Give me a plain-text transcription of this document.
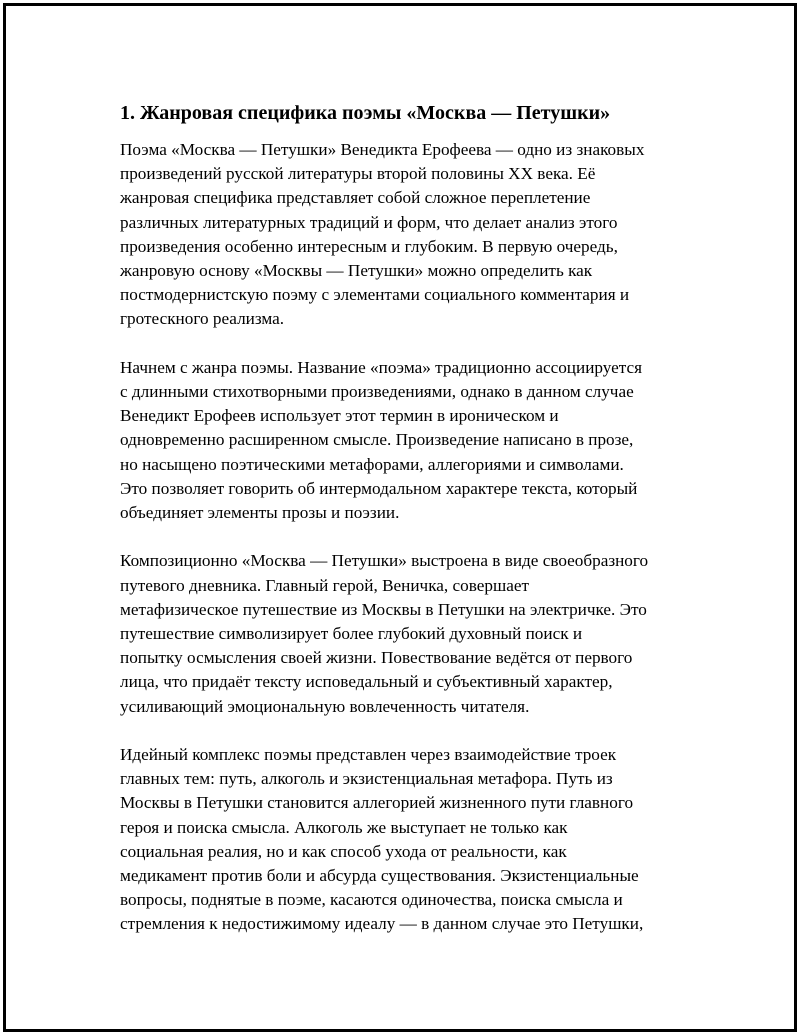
1. Жанровая специфика поэмы «Москва — Петушки»
Поэма «Москва — Петушки» Венедикта Ерофеева — одно из знаковых
произведений русской литературы второй половины XX века. Её
жанровая специфика представляет собой сложное переплетение
различных литературных традиций и форм, что делает анализ этого
произведения особенно интересным и глубоким. В первую очередь,
жанровую основу «Москвы — Петушки» можно определить как
постмодернистскую поэму с элементами социального комментария и
гротескного реализма.
Начнем с жанра поэмы. Название «поэма» традиционно ассоциируется
с длинными стихотворными произведениями, однако в данном случае
Венедикт Ерофеев использует этот термин в ироническом и
одновременно расширенном смысле. Произведение написано в прозе,
но насыщено поэтическими метафорами, аллегориями и символами.
Это позволяет говорить об интермодальном характере текста, который
объединяет элементы прозы и поэзии.
Композиционно «Москва — Петушки» выстроена в виде своеобразного
путевого дневника. Главный герой, Веничка, совершает
метафизическое путешествие из Москвы в Петушки на электричке. Это
путешествие символизирует более глубокий духовный поиск и
попытку осмысления своей жизни. Повествование ведётся от первого
лица, что придаёт тексту исповедальный и субъективный характер,
усиливающий эмоциональную вовлеченность читателя.
Идейный комплекс поэмы представлен через взаимодействие троек
главных тем: путь, алкоголь и экзистенциальная метафора. Путь из
Москвы в Петушки становится аллегорией жизненного пути главного
героя и поиска смысла. Алкоголь же выступает не только как
социальная реалия, но и как способ ухода от реальности, как
медикамент против боли и абсурда существования. Экзистенциальные
вопросы, поднятые в поэме, касаются одиночества, поиска смысла и
стремления к недостижимому идеалу — в данном случае это Петушки,
